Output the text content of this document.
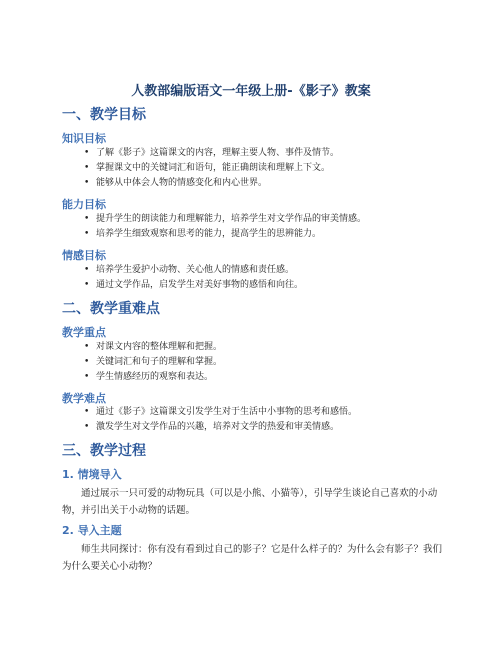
人教部编版语文一年级上册-《影子》教案
一、教学目标
知识目标
• 了解《影子》这篇课文的内容，理解主要人物、事件及情节。
• 掌握课文中的关键词汇和语句，能正确朗读和理解上下文。
• 能够从中体会人物的情感变化和内心世界。
能力目标
• 提升学生的朗读能力和理解能力，培养学生对文学作品的审美情感。
• 培养学生细致观察和思考的能力，提高学生的思辨能力。
情感目标
• 培养学生爱护小动物、关心他人的情感和责任感。
• 通过文学作品，启发学生对美好事物的感悟和向往。
二、教学重难点
教学重点
• 对课文内容的整体理解和把握。
• 关键词汇和句子的理解和掌握。
• 学生情感经历的观察和表达。
教学难点
• 通过《影子》这篇课文引发学生对于生活中小事物的思考和感悟。
• 激发学生对文学作品的兴趣，培养对文学的热爱和审美情感。
三、教学过程
1. 情境导入
通过展示一只可爱的动物玩具（可以是小熊、小猫等），引导学生谈论自己喜欢的小动物，并引出关于小动物的话题。
2. 导入主题
师生共同探讨：你有没有看到过自己的影子？它是什么样子的？为什么会有影子？我们为什么要关心小动物？
